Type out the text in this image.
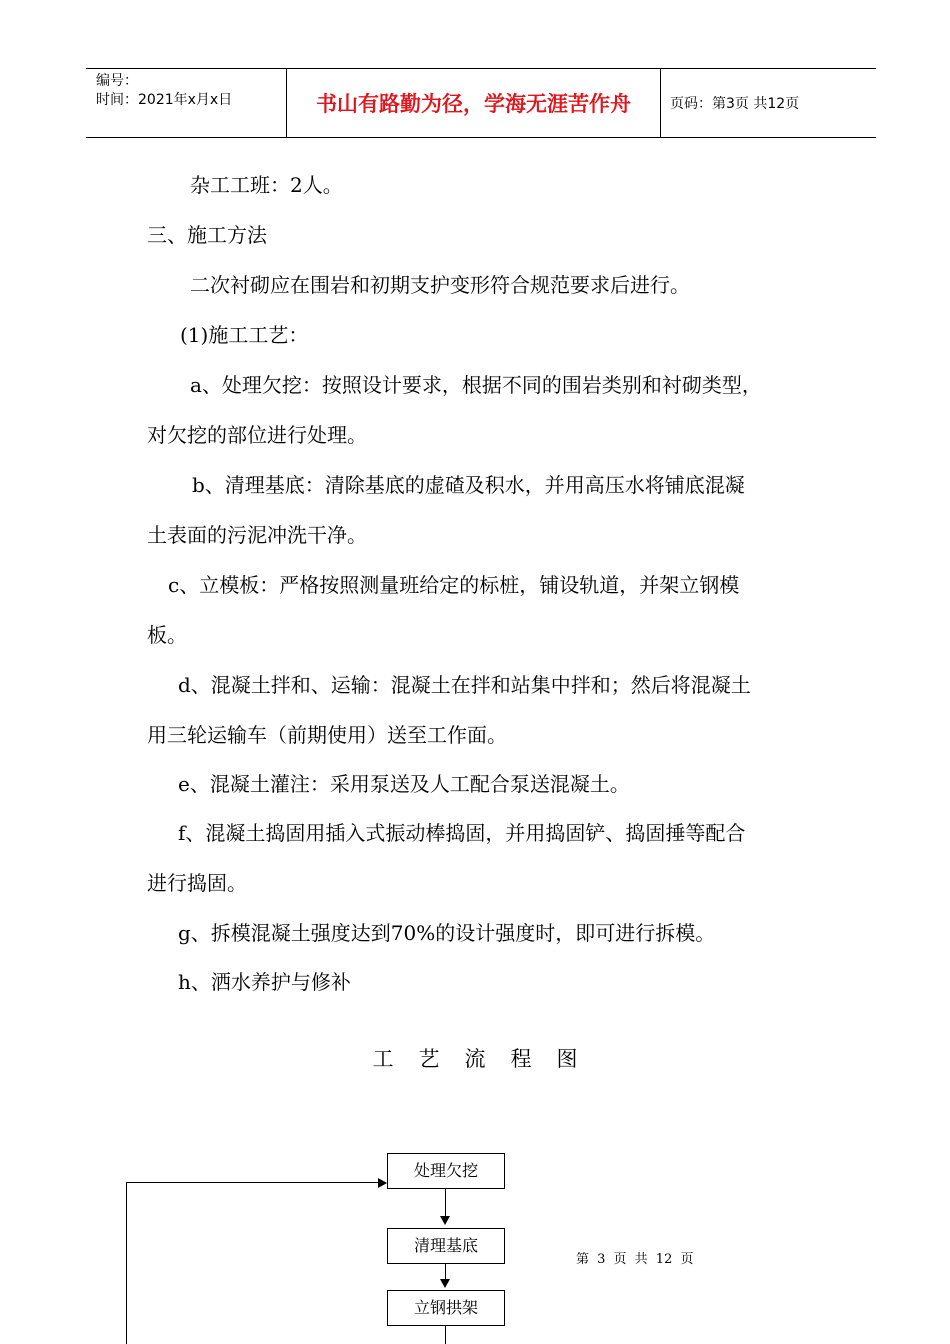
编号：
时间：2021年x月x日	书山有路勤为径，学海无涯苦作舟	页码：第3页 共12页
杂工工班：2人。
三、施工方法
二次衬砌应在围岩和初期支护变形符合规范要求后进行。
(1)施工工艺：
a、处理欠挖：按照设计要求，根据不同的围岩类别和衬砌类型，
对欠挖的部位进行处理。
b、清理基底：清除基底的虚碴及积水，并用高压水将铺底混凝
土表面的污泥冲洗干净。
c、立模板：严格按照测量班给定的标桩，铺设轨道，并架立钢模
板。
d、混凝土拌和、运输：混凝土在拌和站集中拌和；然后将混凝土
用三轮运输车（前期使用）送至工作面。
e、混凝土灌注：采用泵送及人工配合泵送混凝土。
f、混凝土捣固用插入式振动棒捣固，并用捣固铲、捣固捶等配合
进行捣固。
g、拆模混凝土强度达到70%的设计强度时，即可进行拆模。
h、洒水养护与修补
工艺流程图
处理欠挖
清理基底
立钢拱架
第 3 页 共 12 页
